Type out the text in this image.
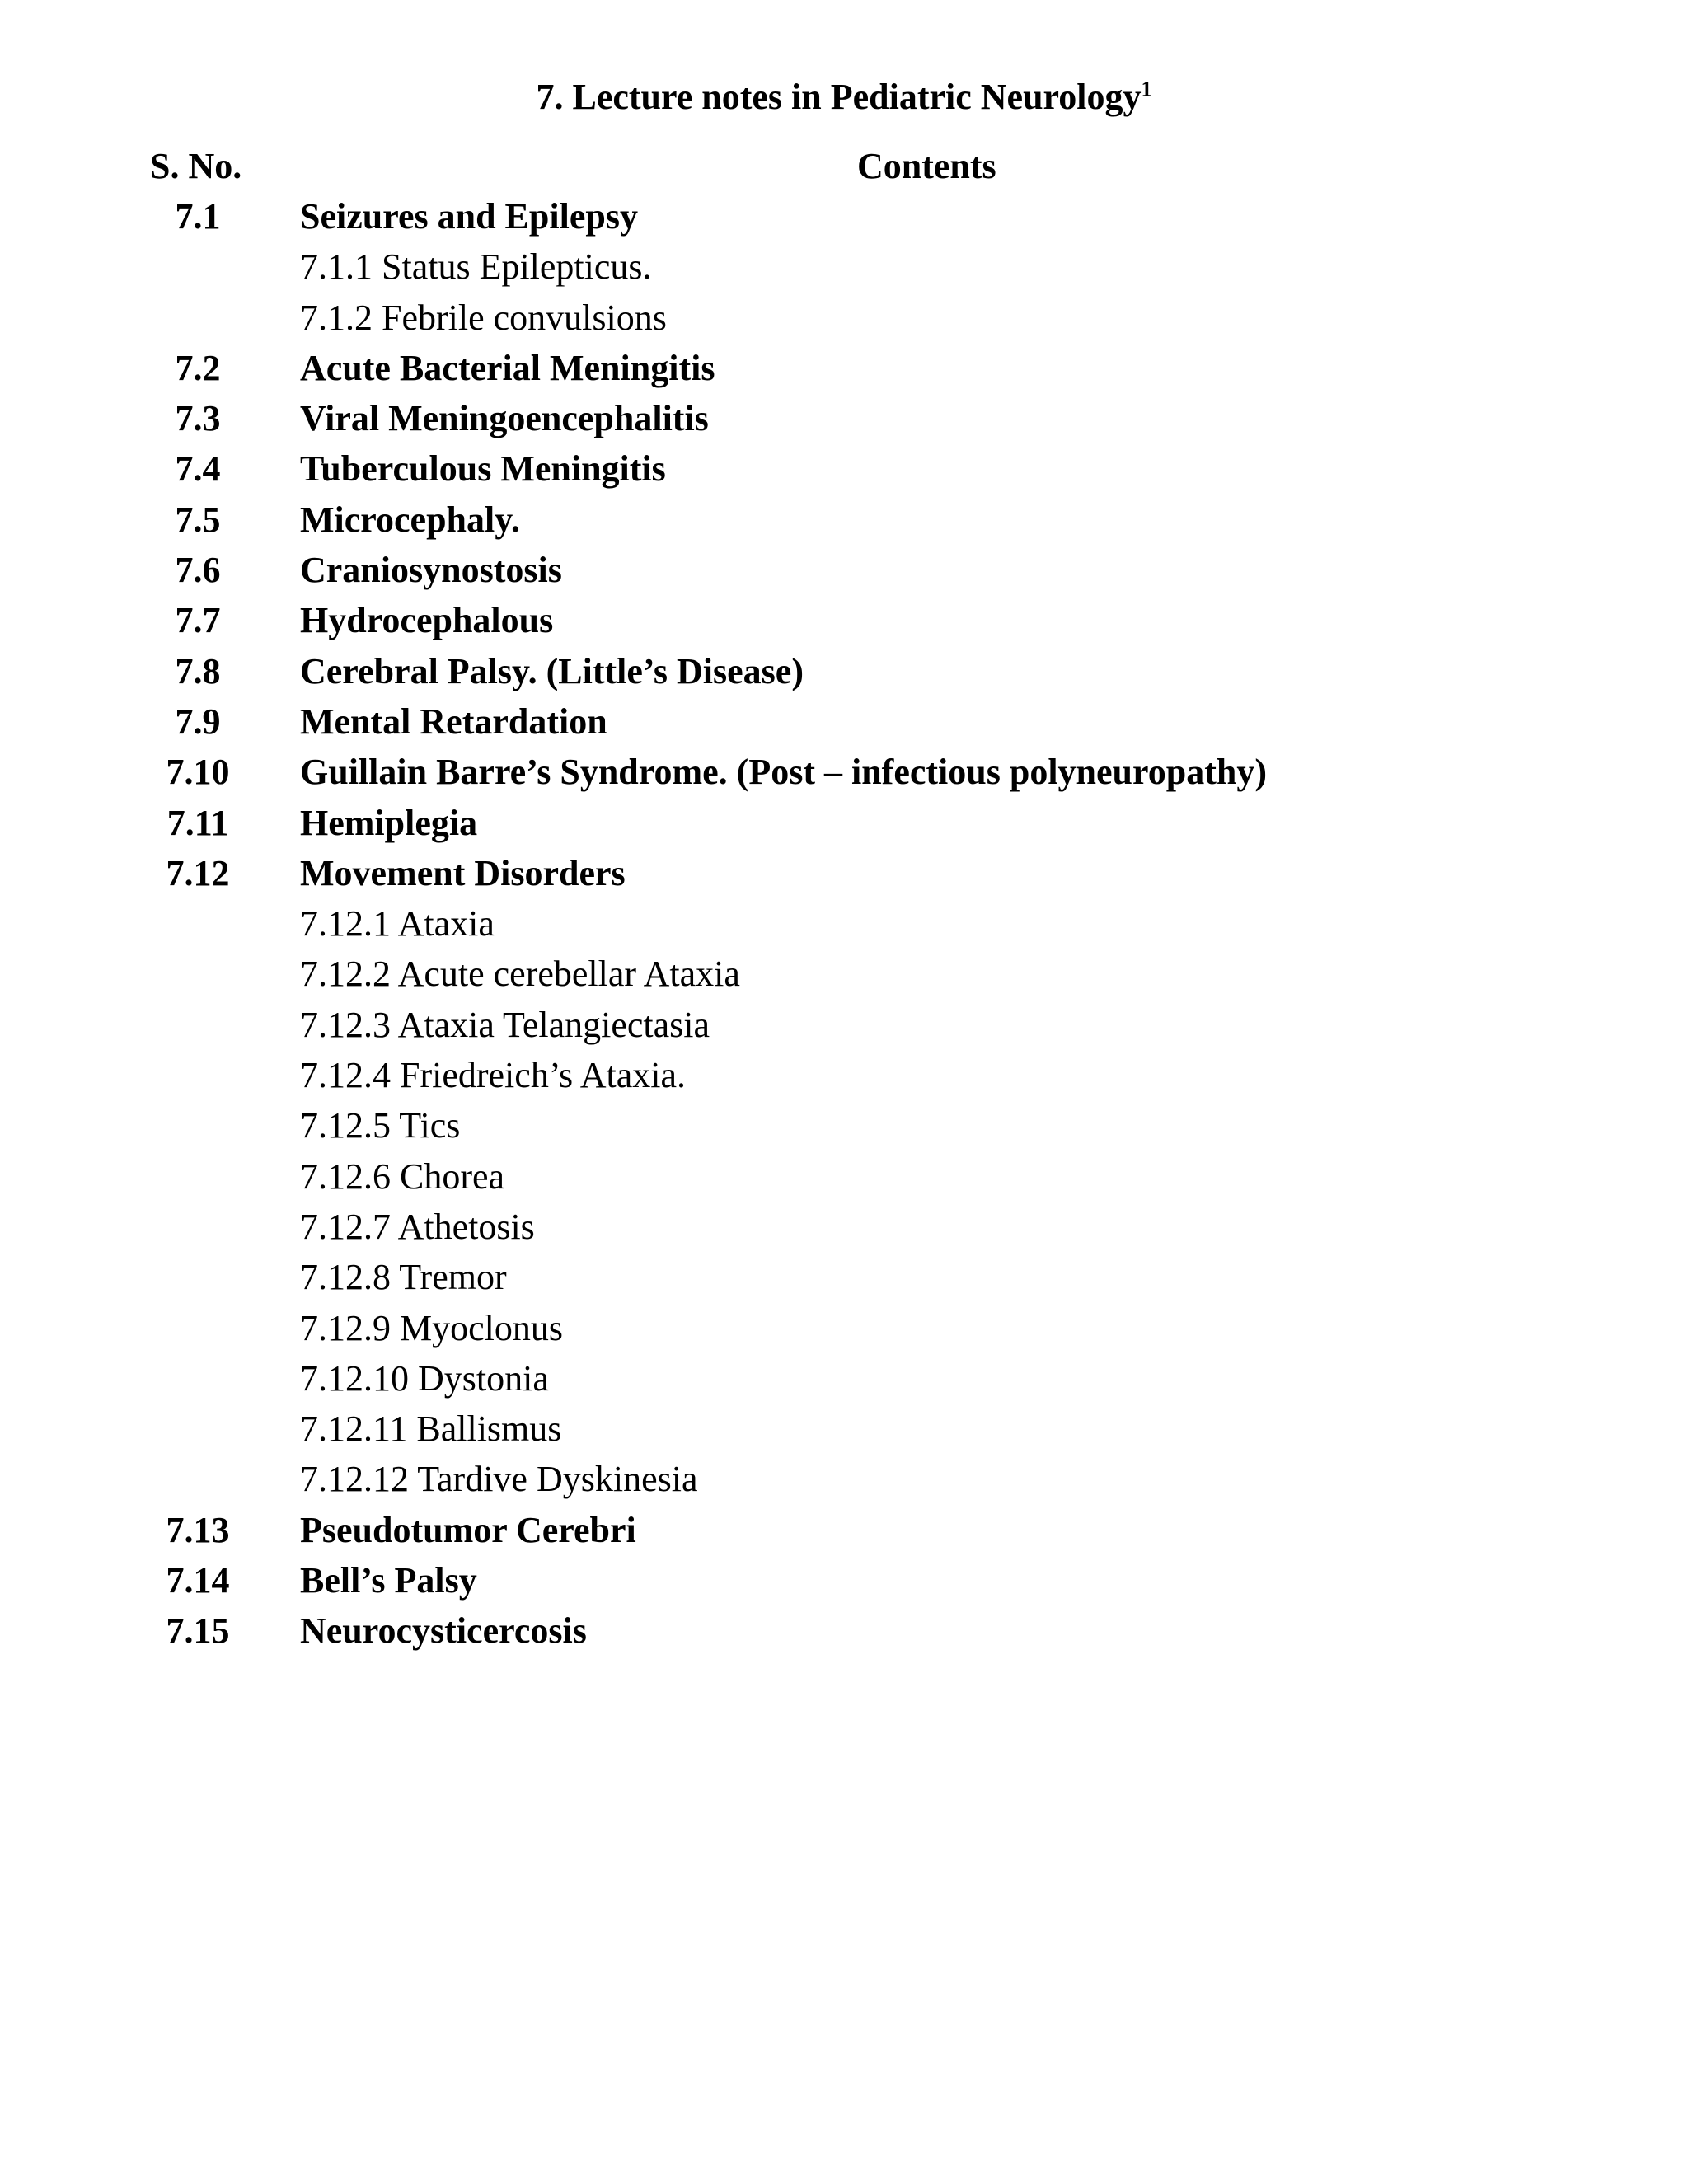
7. Lecture notes in Pediatric Neurology$^1$
S. No.	Contents
7.1	Seizures and Epilepsy
7.1.1 Status Epilepticus.
7.1.2 Febrile convulsions
7.2	Acute Bacterial Meningitis
7.3	Viral Meningoencephalitis
7.4	Tuberculous Meningitis
7.5	Microcephaly.
7.6	Craniosynostosis
7.7	Hydrocephalous
7.8	Cerebral Palsy. (Little’s Disease)
7.9	Mental Retardation
7.10	Guillain Barre’s Syndrome. (Post – infectious polyneuropathy)
7.11	Hemiplegia
7.12	Movement Disorders
7.12.1 Ataxia
7.12.2 Acute cerebellar Ataxia
7.12.3 Ataxia Telangiectasia
7.12.4 Friedreich’s Ataxia.
7.12.5 Tics
7.12.6 Chorea
7.12.7 Athetosis
7.12.8 Tremor
7.12.9 Myoclonus
7.12.10 Dystonia
7.12.11 Ballismus
7.12.12 Tardive Dyskinesia
7.13	Pseudotumor Cerebri
7.14	Bell’s Palsy
7.15	Neurocysticercosis
